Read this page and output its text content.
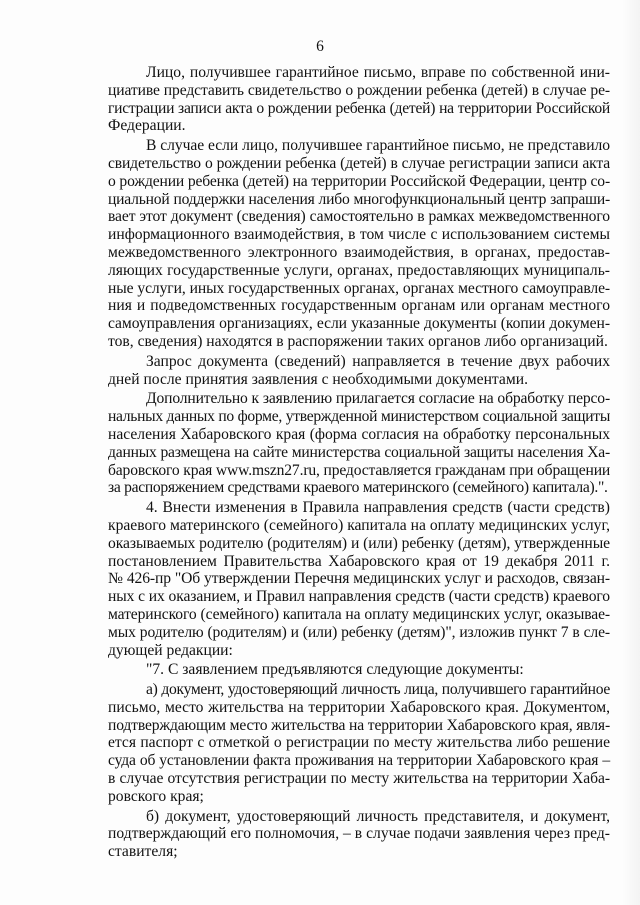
6
Лицо, получившее гарантийное письмо, вправе по собственной ини-
циативе представить свидетельство о рождении ребенка (детей) в случае ре-
гистрации записи акта о рождении ребенка (детей) на территории Российской
Федерации.
В случае если лицо, получившее гарантийное письмо, не представило
свидетельство о рождении ребенка (детей) в случае регистрации записи акта
о рождении ребенка (детей) на территории Российской Федерации, центр со-
циальной поддержки населения либо многофункциональный центр запраши-
вает этот документ (сведения) самостоятельно в рамках межведомственного
информационного взаимодействия, в том числе с использованием системы
межведомственного электронного взаимодействия, в органах, предостав-
ляющих государственные услуги, органах, предоставляющих муниципаль-
ные услуги, иных государственных органах, органах местного самоуправле-
ния и подведомственных государственным органам или органам местного
самоуправления организациях, если указанные документы (копии докумен-
тов, сведения) находятся в распоряжении таких органов либо организаций.
Запрос документа (сведений) направляется в течение двух рабочих
дней после принятия заявления с необходимыми документами.
Дополнительно к заявлению прилагается согласие на обработку персо-
нальных данных по форме, утвержденной министерством социальной защиты
населения Хабаровского края (форма согласия на обработку персональных
данных размещена на сайте министерства социальной защиты населения Ха-
баровского края www.mszn27.ru, предоставляется гражданам при обращении
за распоряжением средствами краевого материнского (семейного) капитала).".
4. Внести изменения в Правила направления средств (части средств)
краевого материнского (семейного) капитала на оплату медицинских услуг,
оказываемых родителю (родителям) и (или) ребенку (детям), утвержденные
постановлением Правительства Хабаровского края от 19 декабря 2011 г.
№ 426-пр "Об утверждении Перечня медицинских услуг и расходов, связан-
ных с их оказанием, и Правил направления средств (части средств) краевого
материнского (семейного) капитала на оплату медицинских услуг, оказывае-
мых родителю (родителям) и (или) ребенку (детям)", изложив пункт 7 в сле-
дующей редакции:
"7. С заявлением предъявляются следующие документы:
а) документ, удостоверяющий личность лица, получившего гарантийное
письмо, место жительства на территории Хабаровского края. Документом,
подтверждающим место жительства на территории Хабаровского края, явля-
ется паспорт с отметкой о регистрации по месту жительства либо решение
суда об установлении факта проживания на территории Хабаровского края –
в случае отсутствия регистрации по месту жительства на территории Хаба-
ровского края;
б) документ, удостоверяющий личность представителя, и документ,
подтверждающий его полномочия, – в случае подачи заявления через пред-
ставителя;
